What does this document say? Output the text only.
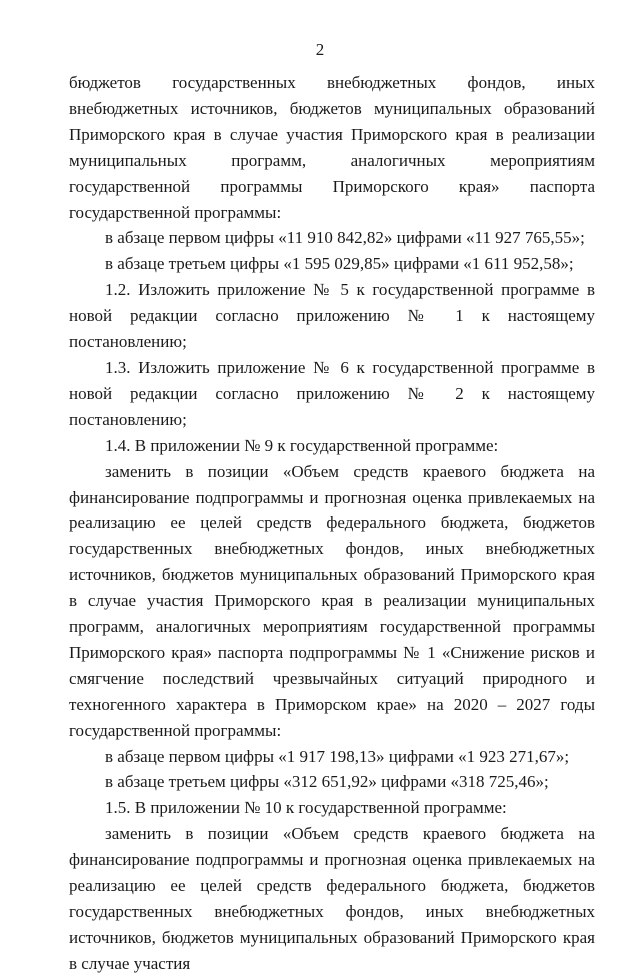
2

бюджетов государственных внебюджетных фондов, иных внебюджетных источников, бюджетов муниципальных образований Приморского края в случае участия Приморского края в реализации муниципальных программ, аналогичных мероприятиям государственной программы Приморского края» паспорта государственной программы:

в абзаце первом цифры «11 910 842,82» цифрами «11 927 765,55»;

в абзаце третьем цифры «1 595 029,85» цифрами «1 611 952,58»;

1.2. Изложить приложение № 5 к государственной программе в новой редакции согласно приложению № 1 к настоящему постановлению;

1.3. Изложить приложение № 6 к государственной программе в новой редакции согласно приложению № 2 к настоящему постановлению;

1.4. В приложении № 9 к государственной программе:

заменить в позиции «Объем средств краевого бюджета на финансирование подпрограммы и прогнозная оценка привлекаемых на реализацию ее целей средств федерального бюджета, бюджетов государственных внебюджетных фондов, иных внебюджетных источников, бюджетов муниципальных образований Приморского края в случае участия Приморского края в реализации муниципальных программ, аналогичных мероприятиям государственной программы Приморского края» паспорта подпрограммы № 1 «Снижение рисков и смягчение последствий чрезвычайных ситуаций природного и техногенного характера в Приморском крае» на 2020 – 2027 годы государственной программы:

в абзаце первом цифры «1 917 198,13» цифрами «1 923 271,67»;

в абзаце третьем цифры «312 651,92» цифрами «318 725,46»;

1.5. В приложении № 10 к государственной программе:

заменить в позиции «Объем средств краевого бюджета на финансирование подпрограммы и прогнозная оценка привлекаемых на реализацию ее целей средств федерального бюджета, бюджетов государственных внебюджетных фондов, иных внебюджетных источников, бюджетов муниципальных образований Приморского края в случае участия
